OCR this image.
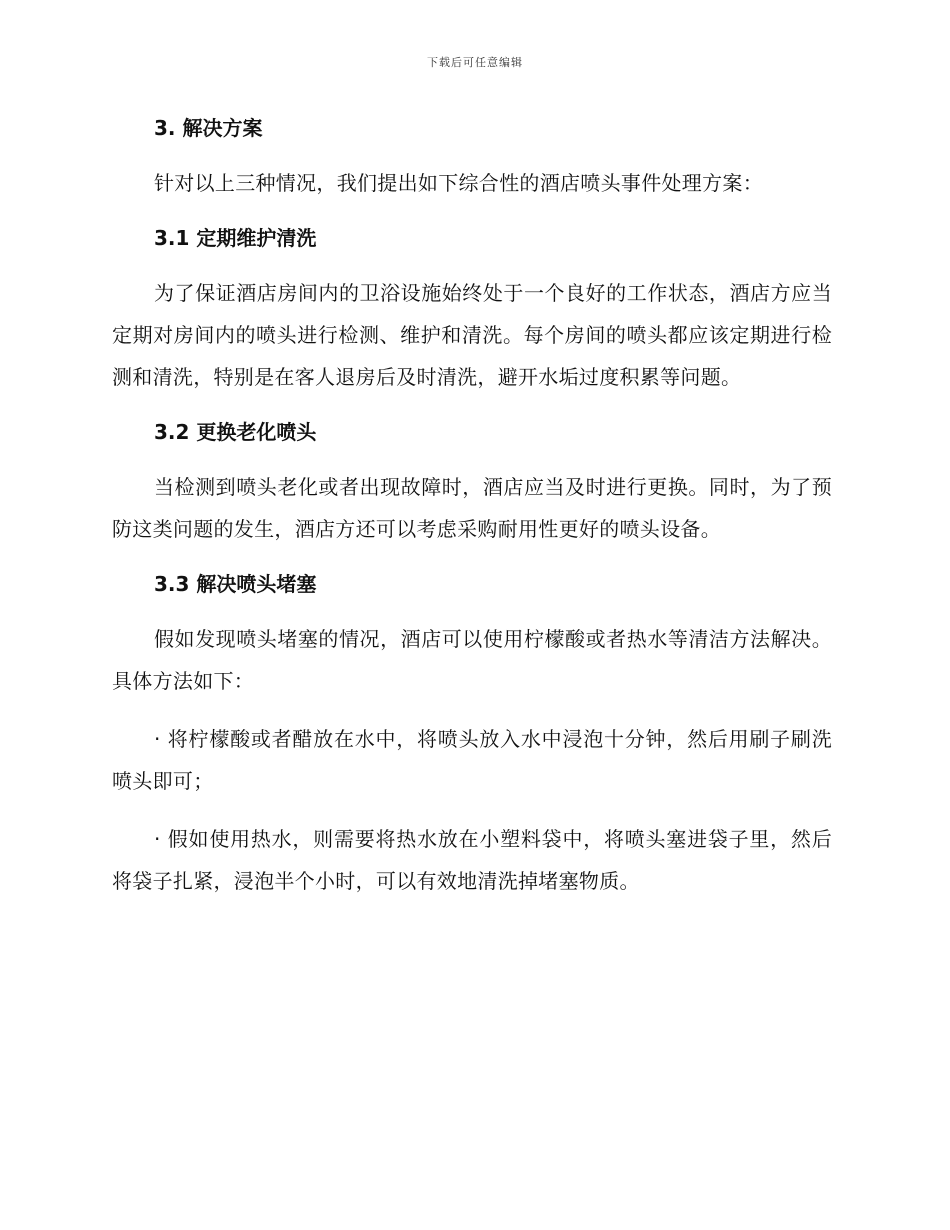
下载后可任意编辑

3. 解决方案

针对以上三种情况，我们提出如下综合性的酒店喷头事件处理方案：

3.1 定期维护清洗

为了保证酒店房间内的卫浴设施始终处于一个良好的工作状态，酒店方应当定期对房间内的喷头进行检测、维护和清洗。每个房间的喷头都应该定期进行检测和清洗，特别是在客人退房后及时清洗，避开水垢过度积累等问题。

3.2 更换老化喷头

当检测到喷头老化或者出现故障时，酒店应当及时进行更换。同时，为了预防这类问题的发生，酒店方还可以考虑采购耐用性更好的喷头设备。

3.3 解决喷头堵塞

假如发现喷头堵塞的情况，酒店可以使用柠檬酸或者热水等清洁方法解决。具体方法如下：

· 将柠檬酸或者醋放在水中，将喷头放入水中浸泡十分钟，然后用刷子刷洗喷头即可；

· 假如使用热水，则需要将热水放在小塑料袋中，将喷头塞进袋子里，然后将袋子扎紧，浸泡半个小时，可以有效地清洗掉堵塞物质。
